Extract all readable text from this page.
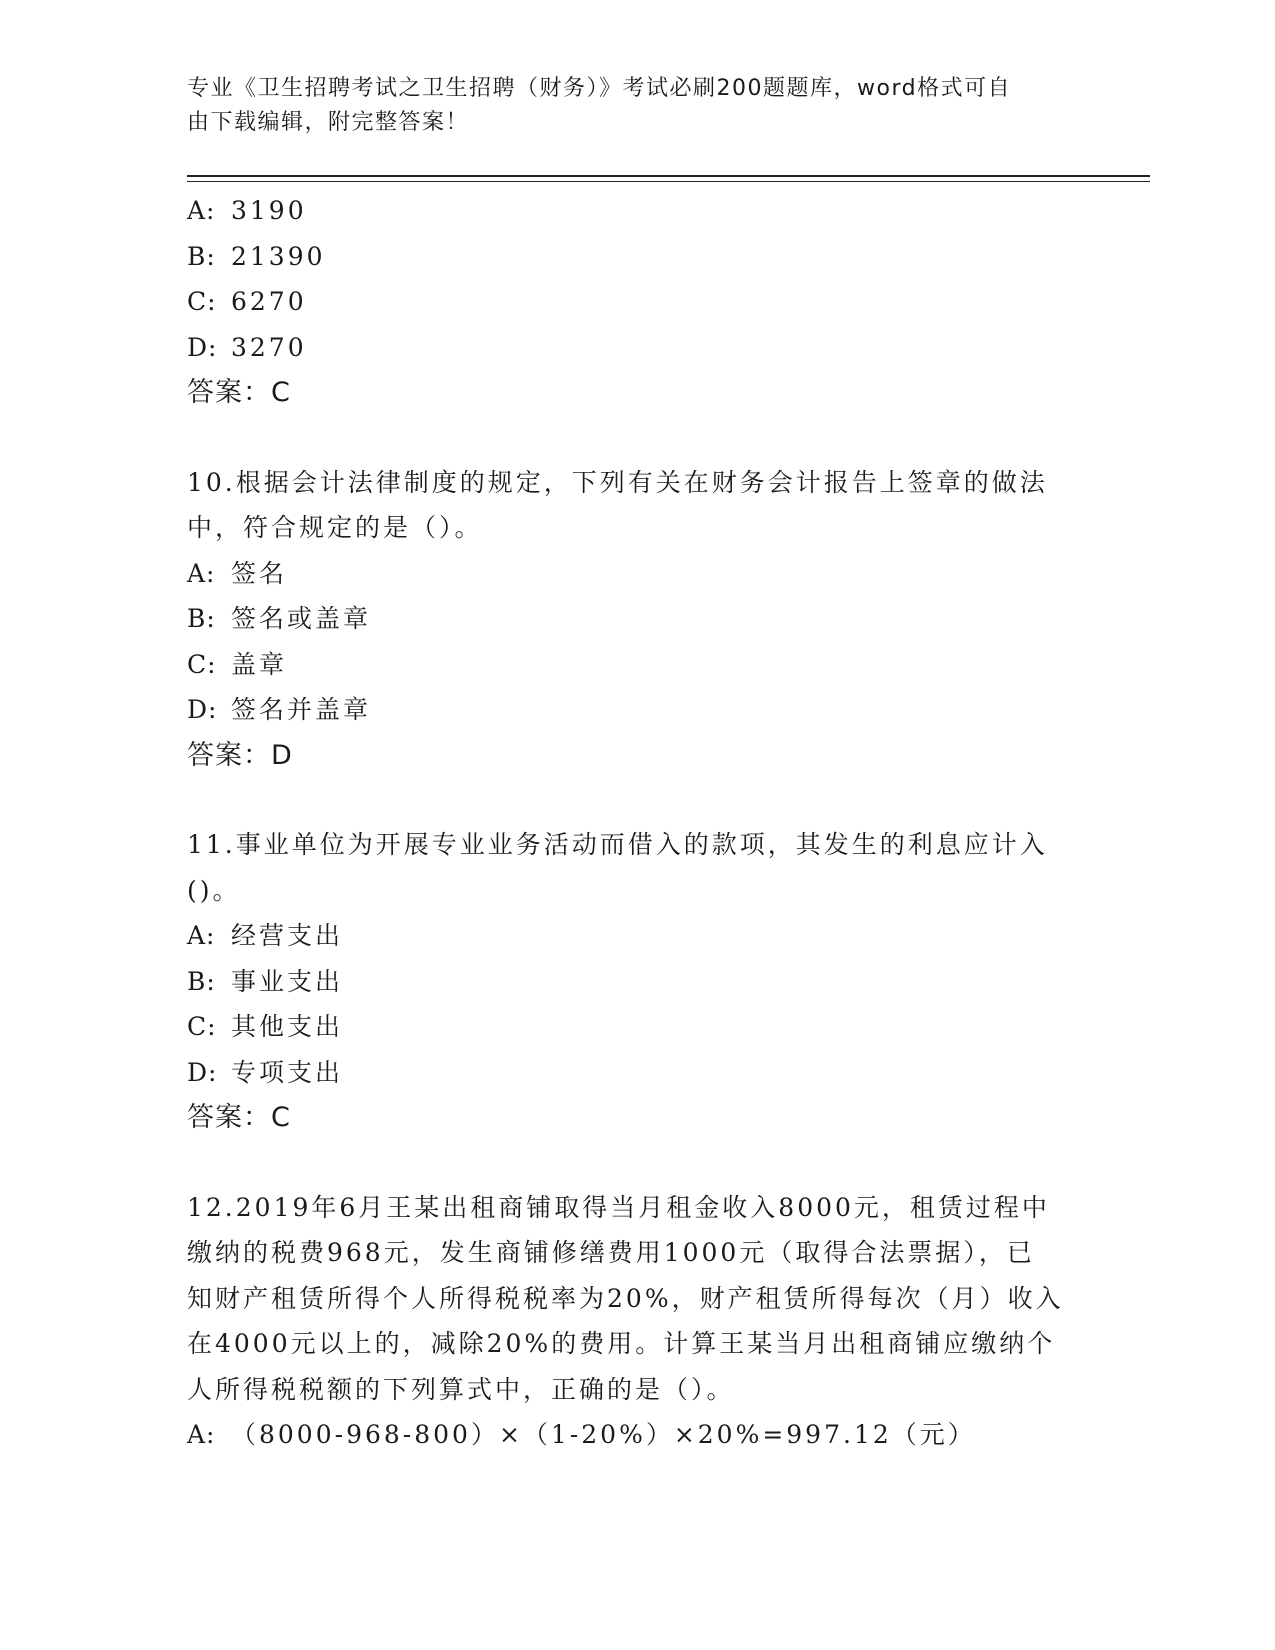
专业《卫生招聘考试之卫生招聘（财务）》考试必刷200题题库，word格式可自
由下载编辑，附完整答案！
A: 3190
B: 21390
C: 6270
D: 3270
答案：C
10.根据会计法律制度的规定，下列有关在财务会计报告上签章的做法
中，符合规定的是（）。
A: 签名
B: 签名或盖章
C: 盖章
D: 签名并盖章
答案：D
11.事业单位为开展专业业务活动而借入的款项，其发生的利息应计入
()。
A: 经营支出
B: 事业支出
C: 其他支出
D: 专项支出
答案：C
12.2019年6月王某出租商铺取得当月租金收入8000元，租赁过程中
缴纳的税费968元，发生商铺修缮费用1000元（取得合法票据），已
知财产租赁所得个人所得税税率为20%，财产租赁所得每次（月）收入
在4000元以上的，减除20%的费用。计算王某当月出租商铺应缴纳个
人所得税税额的下列算式中，正确的是（）。
A: （8000-968-800）×（1-20%）×20%=997.12（元）
